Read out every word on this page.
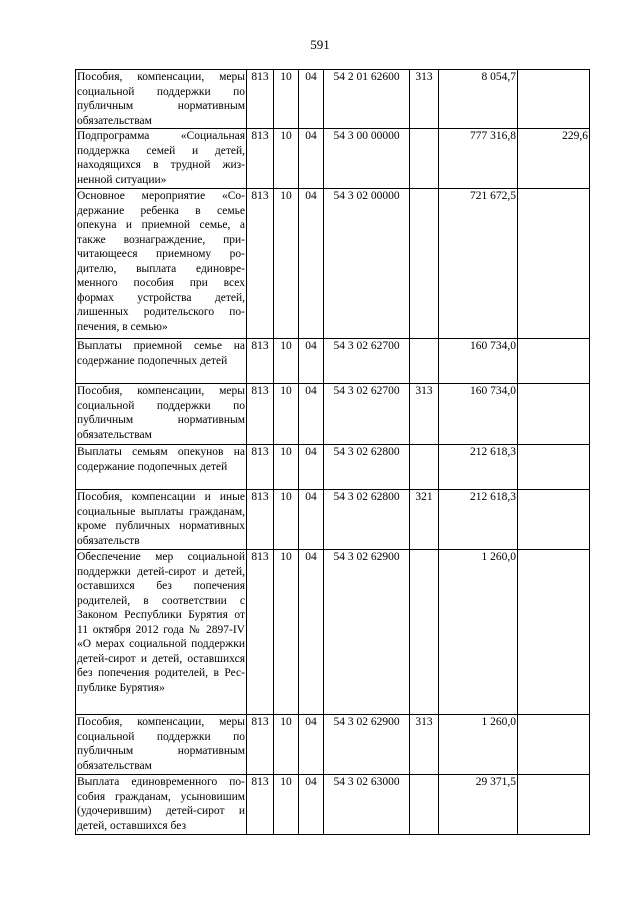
591
Пособия, компенсации, меры социальной поддержки по публичным нормативным обязательствам	813	10	04	54 2 01 62600	313	8 054,7	
Подпрограмма «Социальная поддержка семей и детей, находящихся в трудной жизненной ситуации»	813	10	04	54 3 00 00000		777 316,8	229,6
Основное мероприятие «Содержание ребенка в семье опекуна и приемной семье, а также вознаграждение, причитающееся приемному родителю, выплата единовременного пособия при всех формах устройства детей, лишенных родительского попечения, в семью»	813	10	04	54 3 02 00000		721 672,5	
Выплаты приемной семье на содержание подопечных детей	813	10	04	54 3 02 62700		160 734,0	
Пособия, компенсации, меры социальной поддержки по публичным нормативным обязательствам	813	10	04	54 3 02 62700	313	160 734,0	
Выплаты семьям опекунов на содержание подопечных детей	813	10	04	54 3 02 62800		212 618,3	
Пособия, компенсации и иные социальные выплаты гражданам, кроме публичных нормативных обязательств	813	10	04	54 3 02 62800	321	212 618,3	
Обеспечение мер социальной поддержки детей-сирот и детей, оставшихся без попечения родителей, в соответствии с Законом Республики Бурятия от 11 октября 2012 года № 2897-IV «О мерах социальной поддержки детей-сирот и детей, оставшихся без попечения родителей, в Республике Бурятия»	813	10	04	54 3 02 62900		1 260,0	
Пособия, компенсации, меры социальной поддержки по публичным нормативным обязательствам	813	10	04	54 3 02 62900	313	1 260,0	
Выплата единовременного пособия гражданам, усыновишим (удочерившим) детей-сирот и детей, оставшихся без	813	10	04	54 3 02 63000		29 371,5	
